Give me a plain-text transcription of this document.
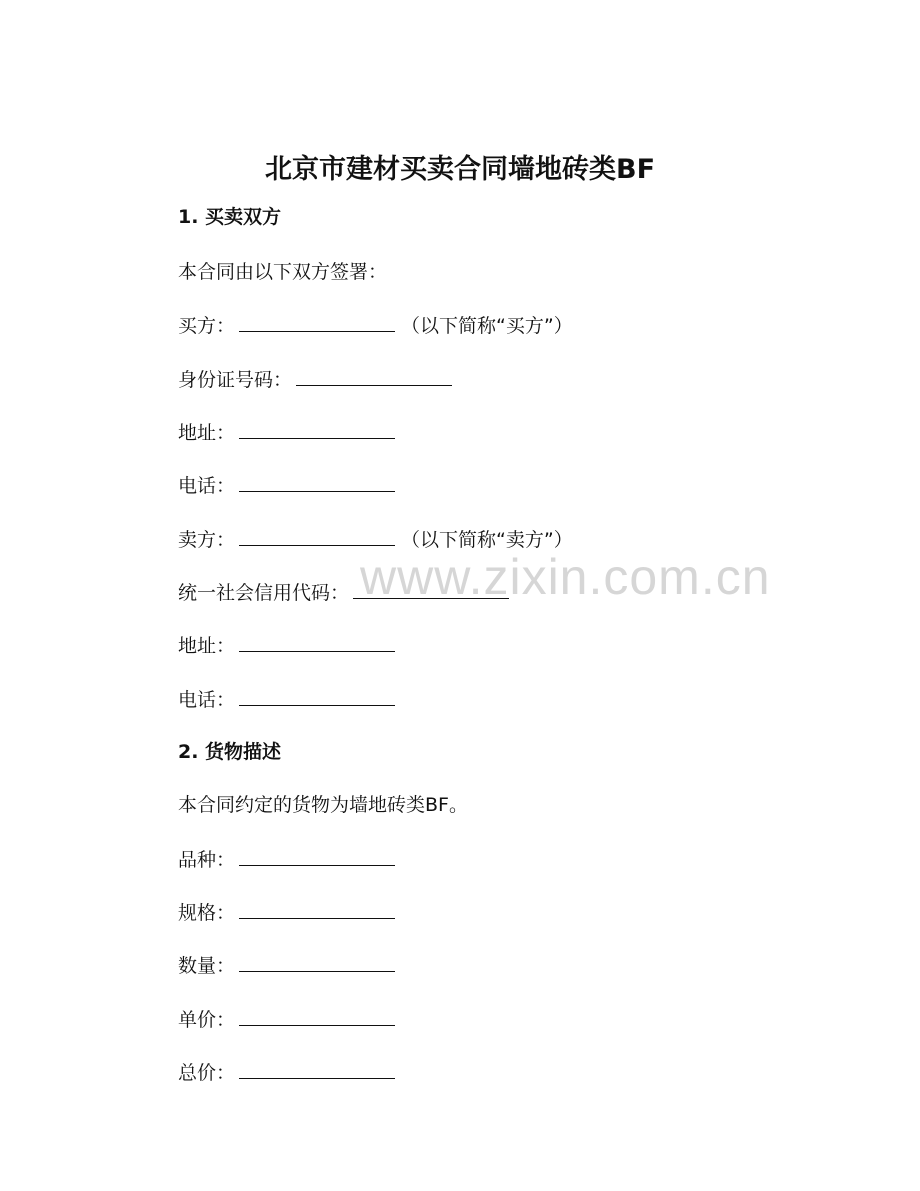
北京市建材买卖合同墙地砖类BF
www.zixin.com.cn
1. 买卖双方
本合同由以下双方签署：
买方：	（以下简称“买方”）
身份证号码：
地址：
电话：
卖方：	（以下简称“卖方”）
统一社会信用代码：
地址：
电话：
2. 货物描述
本合同约定的货物为墙地砖类BF。
品种：
规格：
数量：
单价：
总价：
